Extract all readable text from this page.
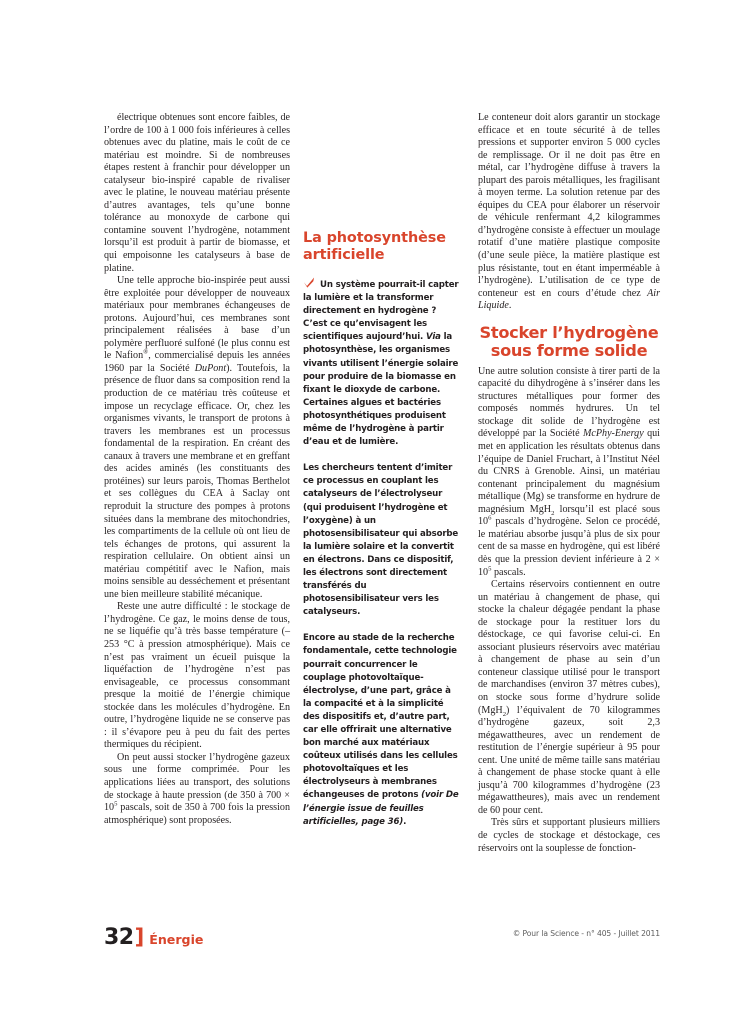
électrique obtenues sont encore faibles, de l’ordre de 100 à 1 000 fois inférieures à celles obtenues avec du platine, mais le coût de ce matériau est moindre. Si de nombreuses étapes restent à franchir pour développer un catalyseur bio-inspiré capable de rivaliser avec le platine, le nouveau matériau présente d’autres avantages, tels qu’une bonne tolérance au monoxyde de carbone qui contamine souvent l’hydrogène, notamment lorsqu’il est produit à partir de biomasse, et qui empoisonne les catalyseurs à base de platine.

Une telle approche bio-inspirée peut aussi être exploitée pour développer de nouveaux matériaux pour membranes échangeuses de protons. Aujourd’hui, ces membranes sont principalement réalisées à base d’un polymère perfluoré sulfoné (le plus connu est le Nafion®, commercialisé depuis les années 1960 par la Société DuPont). Toutefois, la présence de fluor dans sa composition rend la production de ce matériau très coûteuse et impose un recyclage efficace. Or, chez les organismes vivants, le transport de protons à travers les membranes est un processus fondamental de la respiration. En créant des canaux à travers une membrane et en greffant des acides aminés (les constituants des protéines) sur leurs parois, Thomas Berthelot et ses collègues du CEA à Saclay ont reproduit la structure des pompes à protons situées dans la membrane des mitochondries, les compartiments de la cellule où ont lieu de tels échanges de protons, qui assurent la respiration cellulaire. On obtient ainsi un matériau compétitif avec le Nafion, mais moins sensible au desséchement et présentant une bien meilleure stabilité mécanique.

Reste une autre difficulté : le stockage de l’hydrogène. Ce gaz, le moins dense de tous, ne se liquéfie qu’à très basse température (–253 °C à pression atmosphérique). Mais ce n’est pas vraiment un écueil puisque la liquéfaction de l’hydrogène n’est pas envisageable, ce processus consommant presque la moitié de l’énergie chimique stockée dans les molécules d’hydrogène. En outre, l’hydrogène liquide ne se conserve pas : il s’évapore peu à peu du fait des pertes thermiques du récipient.

On peut aussi stocker l’hydrogène gazeux sous une forme comprimée. Pour les applications liées au transport, des solutions de stockage à haute pression (de 350 à $700 \times 10^5$ pascals, soit de 350 à 700 fois la pression atmosphérique) sont proposées.

La photosynthèse artificielle

Un système pourrait-il capter la lumière et la transformer directement en hydrogène ? C’est ce qu’envisagent les scientifiques aujourd’hui. Via la photosynthèse, les organismes vivants utilisent l’énergie solaire pour produire de la biomasse en fixant le dioxyde de carbone. Certaines algues et bactéries photosynthétiques produisent même de l’hydrogène à partir d’eau et de lumière.

Les chercheurs tentent d’imiter ce processus en couplant les catalyseurs de l’électrolyseur (qui produisent l’hydrogène et l’oxygène) à un photosensibilisateur qui absorbe la lumière solaire et la convertit en électrons. Dans ce dispositif, les électrons sont directement transférés du photosensibilisateur vers les catalyseurs.

Encore au stade de la recherche fondamentale, cette technologie pourrait concurrencer le couplage photovoltaïque-électrolyse, d’une part, grâce à la compacité et à la simplicité des dispositifs et, d’autre part, car elle offrirait une alternative bon marché aux matériaux coûteux utilisés dans les cellules photovoltaïques et les électrolyseurs à membranes échangeuses de protons (voir De l’énergie issue de feuilles artificielles, page 36).

Le conteneur doit alors garantir un stockage efficace et en toute sécurité à de telles pressions et supporter environ 5 000 cycles de remplissage. Or il ne doit pas être en métal, car l’hydrogène diffuse à travers la plupart des parois métalliques, les fragilisant à moyen terme. La solution retenue par des équipes du CEA pour élaborer un réservoir de véhicule renfermant 4,2 kilogrammes d’hydrogène consiste à effectuer un moulage rotatif d’une matière plastique composite (d’une seule pièce, la matière plastique est plus résistante, tout en étant imperméable à l’hydrogène). L’utilisation de ce type de conteneur est en cours d’étude chez Air Liquide.

Stocker l’hydrogène sous forme solide

Une autre solution consiste à tirer parti de la capacité du dihydrogène à s’insérer dans les structures métalliques pour former des composés nommés hydrures. Un tel stockage dit solide de l’hydrogène est développé par la Société McPhy-Energy qui met en application les résultats obtenus dans l’équipe de Daniel Fruchart, à l’Institut Néel du CNRS à Grenoble. Ainsi, un matériau contenant principalement du magnésium métallique (Mg) se transforme en hydrure de magnésium MgH$_2$ lorsqu’il est placé sous $10^6$ pascals d’hydrogène. Selon ce procédé, le matériau absorbe jusqu’à plus de six pour cent de sa masse en hydrogène, qui est libéré dès que la pression devient inférieure à $2 \times 10^5$ pascals.

Certains réservoirs contiennent en outre un matériau à changement de phase, qui stocke la chaleur dégagée pendant la phase de stockage pour la restituer lors du déstockage, ce qui favorise celui-ci. En associant plusieurs réservoirs avec matériau à changement de phase au sein d’un conteneur classique utilisé pour le transport de marchandises (environ 37 mètres cubes), on stocke sous forme d’hydrure solide (MgH$_2$) l’équivalent de 70 kilogrammes d’hydrogène gazeux, soit 2,3 mégawattheures, avec un rendement de restitution de l’énergie supérieur à 95 pour cent. Une unité de même taille sans matériau à changement de phase stocke quant à elle jusqu’à 700 kilogrammes d’hydrogène (23 mégawattheures), mais avec un rendement de 60 pour cent.

Très sûrs et supportant plusieurs milliers de cycles de stockage et déstockage, ces réservoirs ont la souplesse de fonction-

32 ] Énergie	© Pour la Science - n° 405 - Juillet 2011
